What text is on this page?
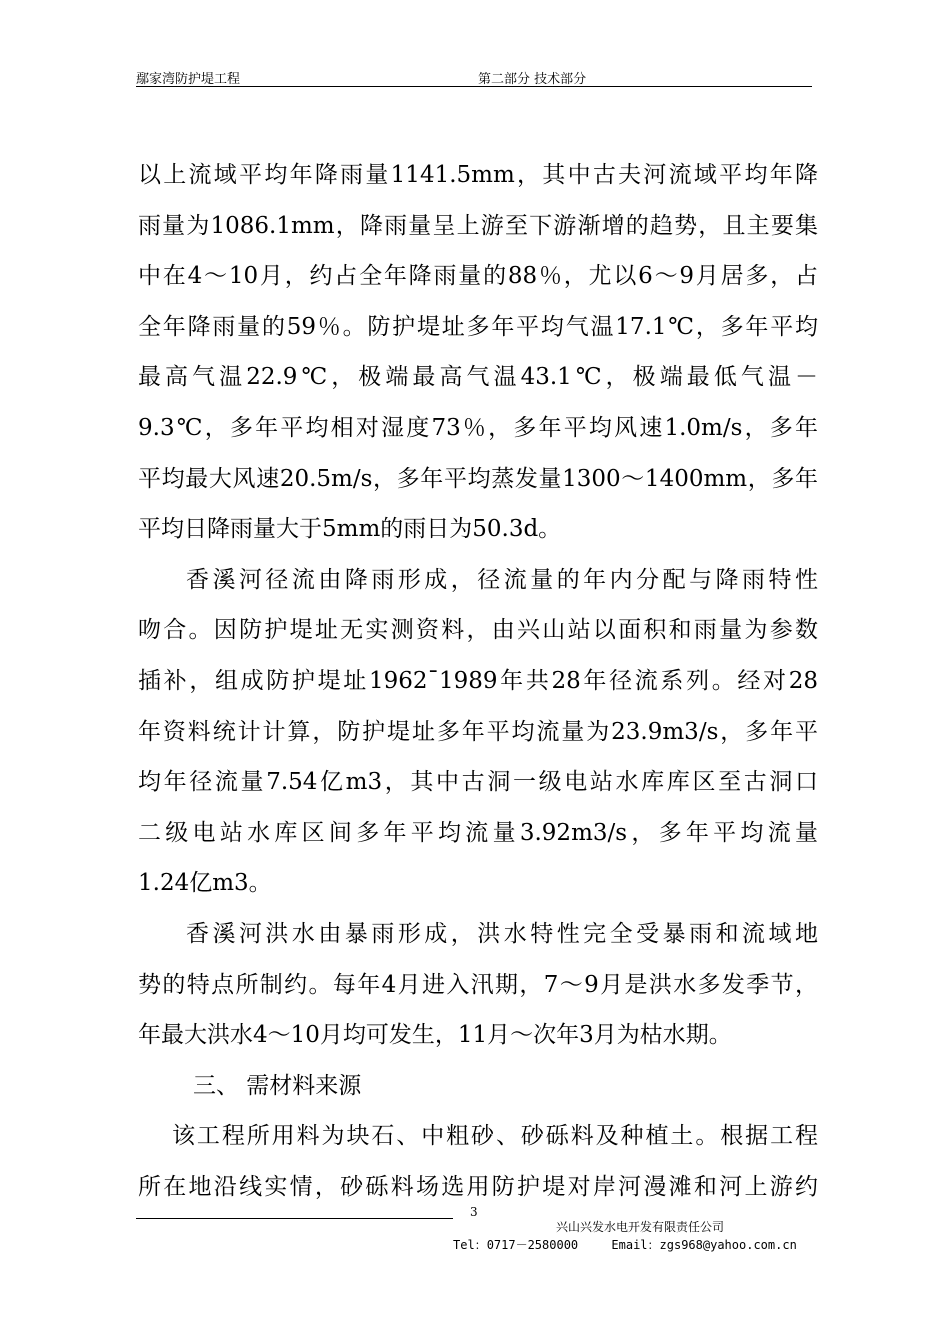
鄢家湾防护堤工程	第二部分 技术部分
以上流域平均年降雨量1141.5mm，其中古夫河流域平均年降
雨量为1086.1mm，降雨量呈上游至下游渐增的趋势，且主要集
中在4～10月，约占全年降雨量的88％，尤以6～9月居多，占
全年降雨量的59％。防护堤址多年平均气温17.1℃，多年平均
最高气温22.9℃，极端最高气温43.1℃，极端最低气温－
9.3℃，多年平均相对湿度73％，多年平均风速1.0m/s，多年
平均最大风速20.5m/s，多年平均蒸发量1300～1400mm，多年
平均日降雨量大于5mm的雨日为50.3d。
香溪河径流由降雨形成，径流量的年内分配与降雨特性
吻合。因防护堤址无实测资料，由兴山站以面积和雨量为参数
插补，组成防护堤址1962¯1989年共28年径流系列。经对28
年资料统计计算，防护堤址多年平均流量为23.9m3/s，多年平
均年径流量7.54亿m3，其中古洞一级电站水库库区至古洞口
二级电站水库区间多年平均流量3.92m3/s，多年平均流量
1.24亿m3。
香溪河洪水由暴雨形成，洪水特性完全受暴雨和流域地
势的特点所制约。每年4月进入汛期，7～9月是洪水多发季节，
年最大洪水4～10月均可发生，11月～次年3月为枯水期。
三、 需材料来源
该工程所用料为块石、中粗砂、砂砾料及种植土。根据工程
所在地沿线实情，砂砾料场选用防护堤对岸河漫滩和河上游约
3
兴山兴发水电开发有限责任公司
Tel：0717－2580000	Email：zgs968@yahoo.com.cn
